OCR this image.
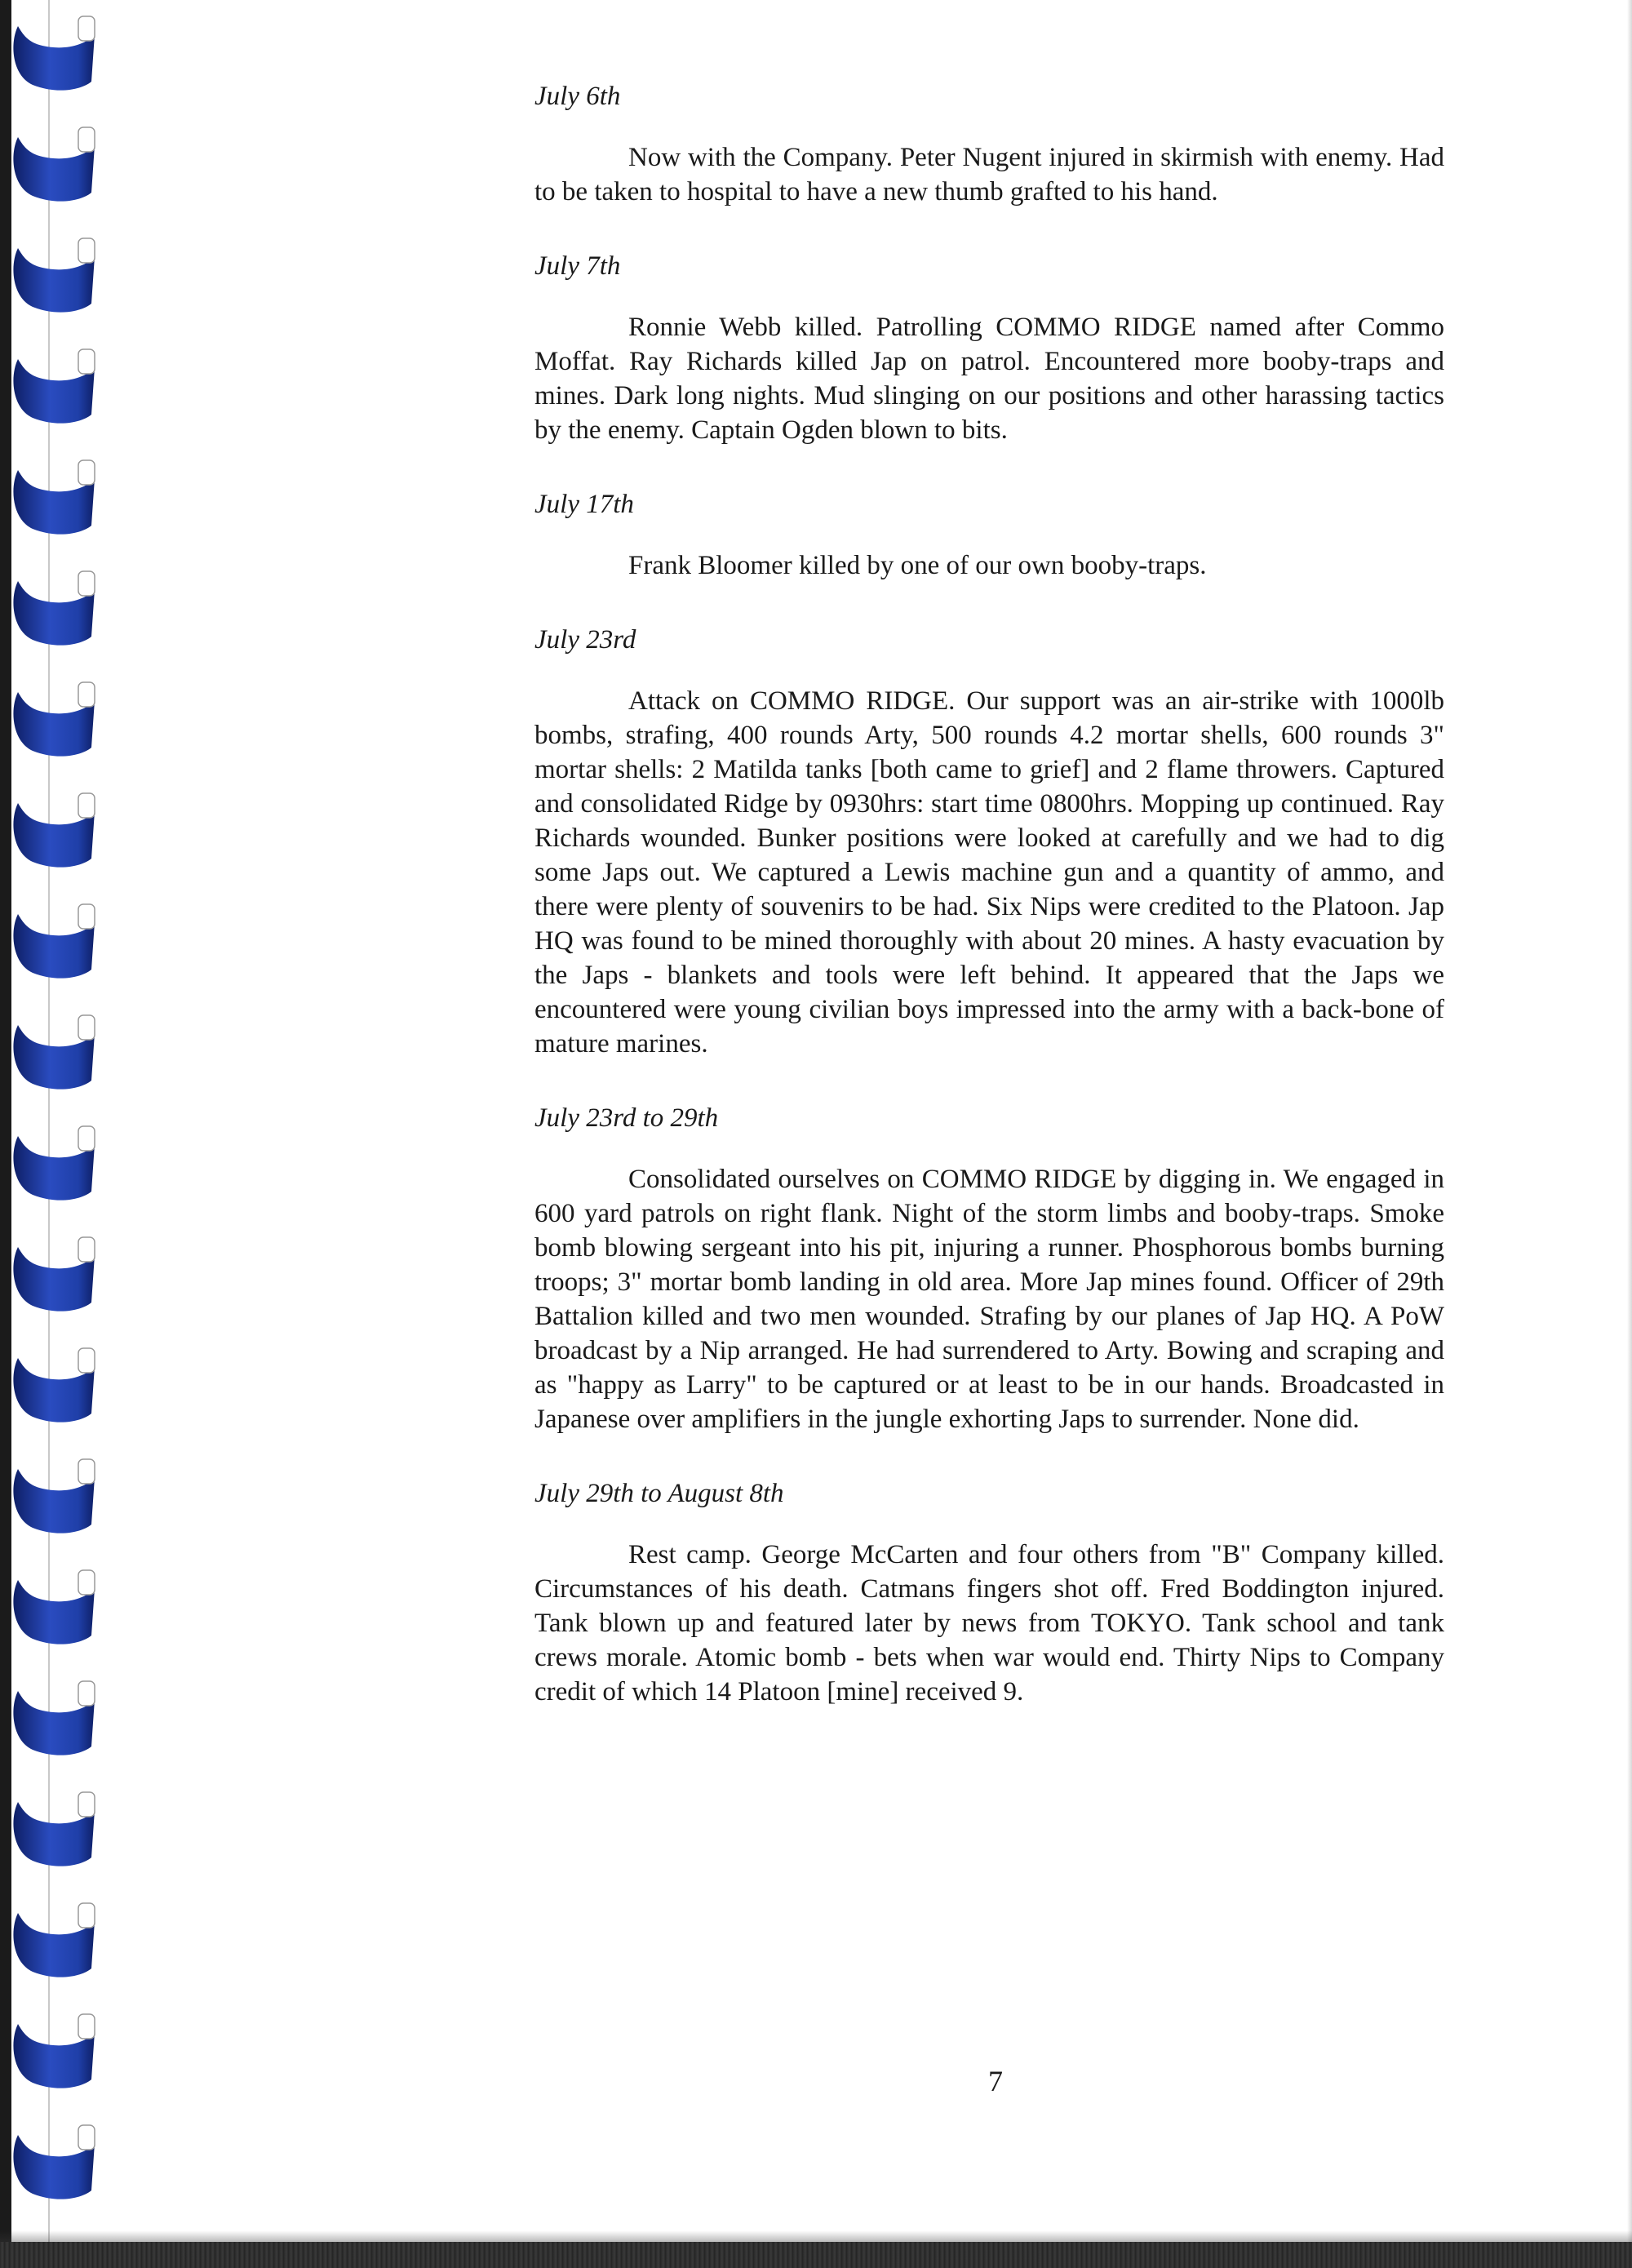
July 6th

Now with the Company. Peter Nugent injured in skirmish with enemy. Had to be taken to hospital to have a new thumb grafted to his hand.

July 7th

Ronnie Webb killed. Patrolling COMMO RIDGE named after Commo Moffat. Ray Richards killed Jap on patrol. Encountered more booby-traps and mines. Dark long nights. Mud slinging on our positions and other harassing tactics by the enemy. Captain Ogden blown to bits.

July 17th

Frank Bloomer killed by one of our own booby-traps.

July 23rd

Attack on COMMO RIDGE. Our support was an air-strike with 1000lb bombs, strafing, 400 rounds Arty, 500 rounds 4.2 mortar shells, 600 rounds 3" mortar shells: 2 Matilda tanks [both came to grief] and 2 flame throwers. Captured and consolidated Ridge by 0930hrs: start time 0800hrs. Mopping up continued. Ray Richards wounded. Bunker positions were looked at carefully and we had to dig some Japs out. We captured a Lewis machine gun and a quantity of ammo, and there were plenty of souvenirs to be had. Six Nips were credited to the Platoon. Jap HQ was found to be mined thoroughly with about 20 mines. A hasty evacuation by the Japs - blankets and tools were left behind. It appeared that the Japs we encountered were young civilian boys impressed into the army with a back-bone of mature marines.

July 23rd to 29th

Consolidated ourselves on COMMO RIDGE by digging in. We engaged in 600 yard patrols on right flank. Night of the storm limbs and booby-traps. Smoke bomb blowing sergeant into his pit, injuring a runner. Phosphorous bombs burning troops; 3" mortar bomb landing in old area. More Jap mines found. Officer of 29th Battalion killed and two men wounded. Strafing by our planes of Jap HQ. A PoW broadcast by a Nip arranged. He had surrendered to Arty. Bowing and scraping and as "happy as Larry" to be captured or at least to be in our hands. Broadcasted in Japanese over amplifiers in the jungle exhorting Japs to surrender. None did.

July 29th to August 8th

Rest camp. George McCarten and four others from "B" Company killed. Circumstances of his death. Catmans fingers shot off. Fred Boddington injured. Tank blown up and featured later by news from TOKYO. Tank school and tank crews morale. Atomic bomb - bets when war would end. Thirty Nips to Company credit of which 14 Platoon [mine] received 9.

7
